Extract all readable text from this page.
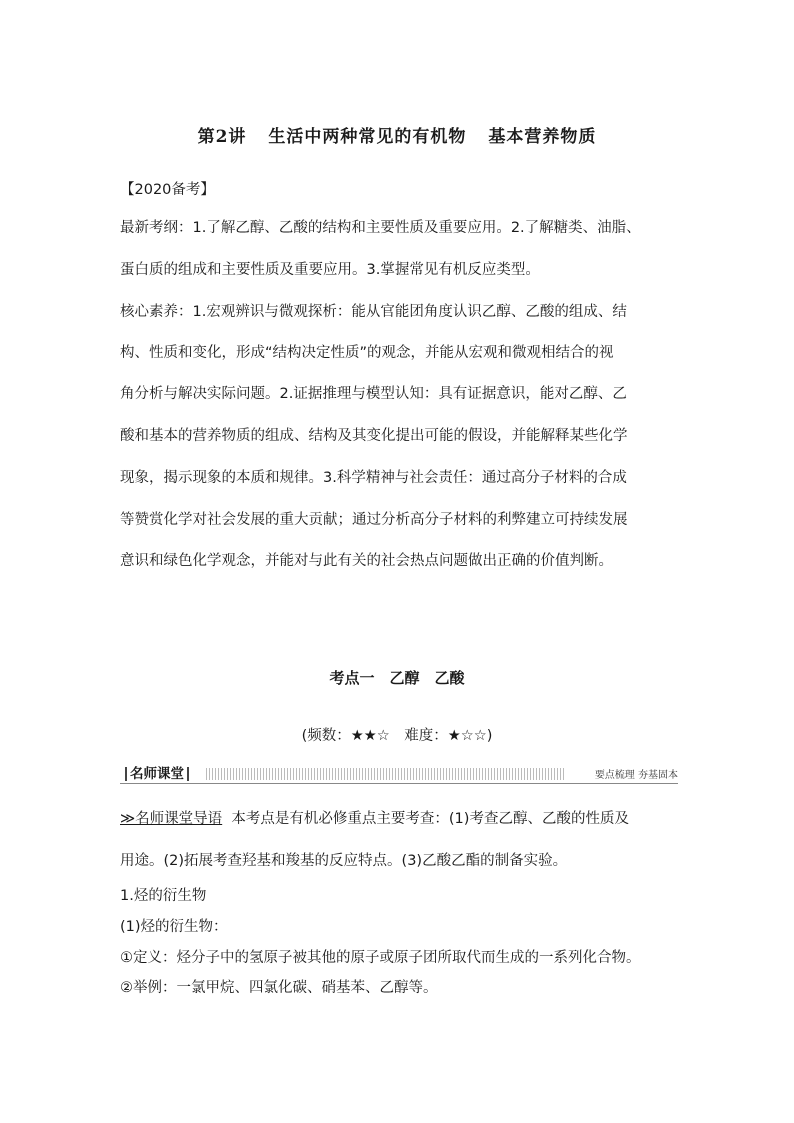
第2讲 生活中两种常见的有机物 基本营养物质
【2020备考】
最新考纲：1.了解乙醇、乙酸的结构和主要性质及重要应用。2.了解糖类、油脂、
蛋白质的组成和主要性质及重要应用。3.掌握常见有机反应类型。
核心素养：1.宏观辨识与微观探析：能从官能团角度认识乙醇、乙酸的组成、结
构、性质和变化，形成“结构决定性质”的观念，并能从宏观和微观相结合的视
角分析与解决实际问题。2.证据推理与模型认知：具有证据意识，能对乙醇、乙
酸和基本的营养物质的组成、结构及其变化提出可能的假设，并能解释某些化学
现象，揭示现象的本质和规律。3.科学精神与社会责任：通过高分子材料的合成
等赞赏化学对社会发展的重大贡献；通过分析高分子材料的利弊建立可持续发展
意识和绿色化学观念，并能对与此有关的社会热点问题做出正确的价值判断。
考点一　乙醇　乙酸
(频数：★★☆　难度：★☆☆)
名师课堂	要点梳理 夯基固本
≫名师课堂导语 本考点是有机必修重点主要考查：(1)考查乙醇、乙酸的性质及
用途。(2)拓展考查羟基和羧基的反应特点。(3)乙酸乙酯的制备实验。
1.烃的衍生物
(1)烃的衍生物：
①定义：烃分子中的氢原子被其他的原子或原子团所取代而生成的一系列化合物。
②举例：一氯甲烷、四氯化碳、硝基苯、乙醇等。
